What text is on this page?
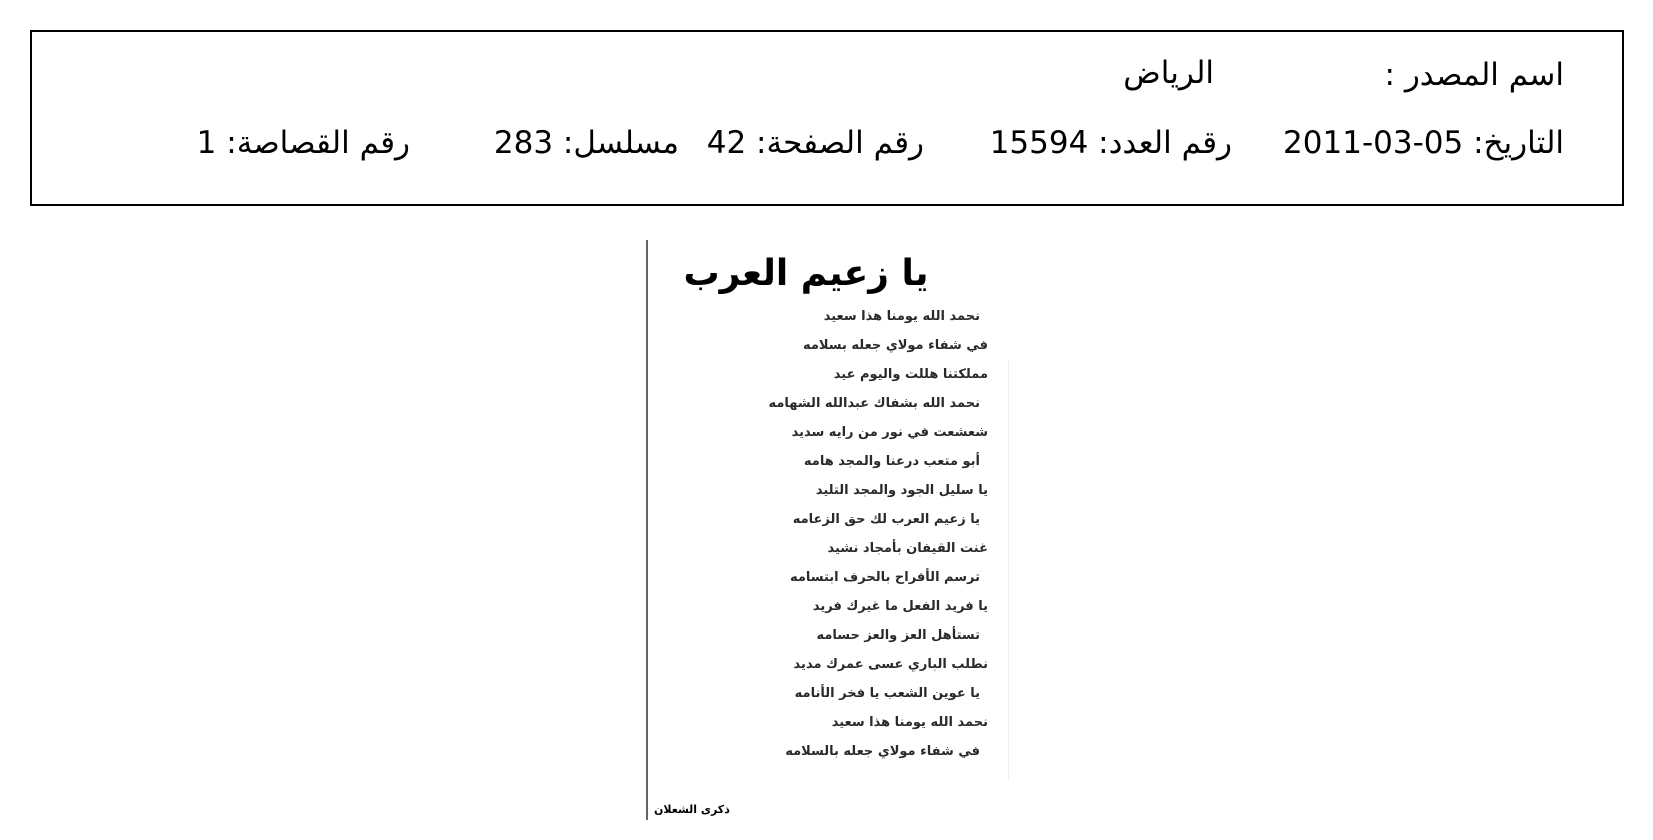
اسم المصدر :
الرياض
التاريخ: 05-03-2011
رقم العدد: 15594
رقم الصفحة: 42
مسلسل: 283
رقم القصاصة: 1
يا زعيم العرب
نحمد الله يومنا هذا سعيد
في شفاء مولاي جعله بسلامه
مملكتنا هللت واليوم عيد
نحمد الله بشفاك عبدالله الشهامه
شعشعت في نور من رايه سديد
أبو متعب درعنا والمجد هامه
يا سليل الجود والمجد التليد
يا زعيم العرب لك حق الزعامه
غنت القيفان بأمجاد نشيد
ترسم الأفراح بالحرف ابتسامه
يا فريد الفعل ما غيرك فريد
تستأهل العز والعز حسامه
نطلب الباري عسى عمرك مديد
يا عوين الشعب يا فخر الأنامه
نحمد الله يومنا هذا سعيد
في شفاء مولاي جعله بالسلامه
ذكرى الشعلان
